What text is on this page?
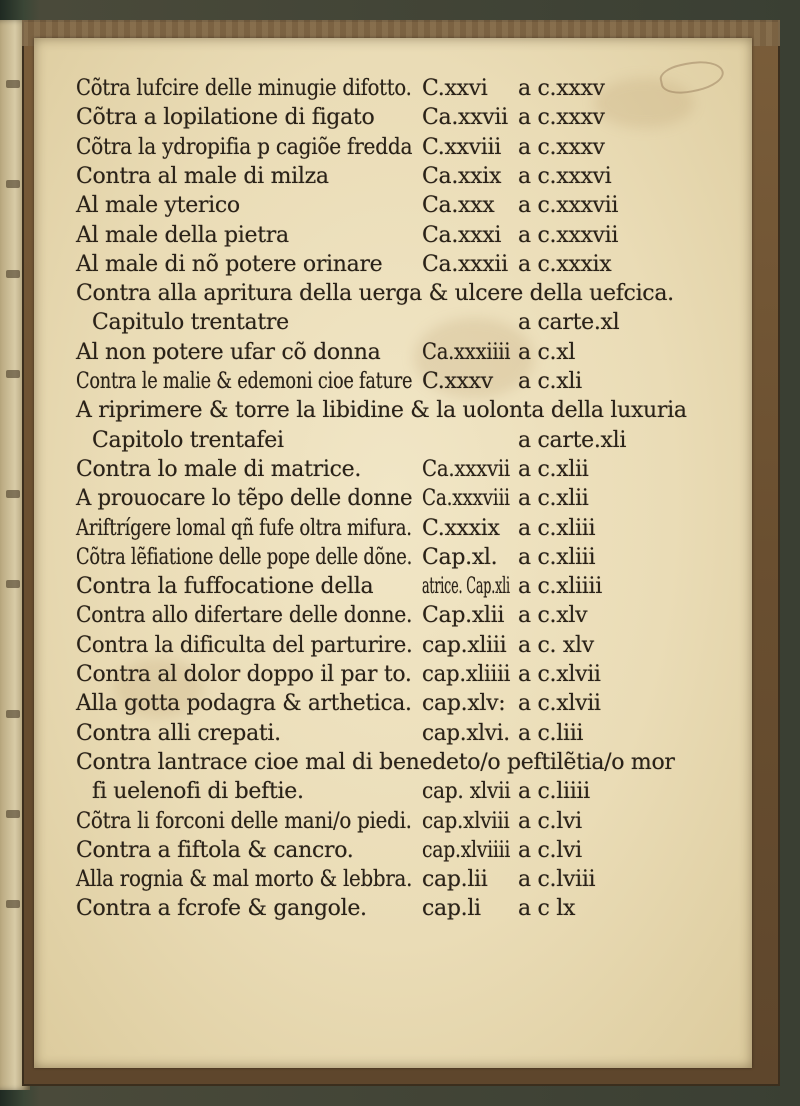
Cõtra lufcire delle minugie difotto. C.xxvi a c.xxxv
Cõtra a lopilatione di figato Ca.xxvii a c.xxxv
Cõtra la ydropifia p cagiõe fredda C.xxviii a c.xxxv
Contra al male di milza	Ca.xxix a c.xxxvi
Al male yterico	Ca.xxx a c.xxxvii
Al male della pietra	Ca.xxxi a c.xxxvii
Al male di nõ potere orinare Ca.xxxii a c.xxxix
Contra alla apritura della uerga & ulcere della uefcica.
Capitulo trentatre	a carte.xl
Al non potere ufar cõ donna Ca.xxxiiii a c.xl
Contra le malie & edemoni cioe fature C.xxxv a c.xli
A riprimere & torre la libidine & la uolonta della luxuria
Capitolo trentafei	a carte.xli
Contra lo male di matrice.	Ca.xxxvii a c.xlii
A prouocare lo tẽpo delle donne Ca.xxxviii a c.xlii
Ariftrígere lomal qñ fufe oltra mifura. C.xxxix a c.xliii
Cõtra lẽfiatione delle pope delle dõne. Cap.xl. a c.xliii
Contra la fuffocatione della atrice. Cap.xli a c.xliiii
Contra allo difertare delle donne. Cap.xlii a c.xlv
Contra la dificulta del parturire. cap.xliii a c. xlv
Contra al dolor doppo il par to. cap.xliiii a c.xlvii
Alla gotta podagra & arthetica. cap.xlv: a c.xlvii
Contra alli crepati.	cap.xlvi. a c.liii
Contra lantrace cioe mal di benedeto/o peftilẽtia/o mor
fi uelenofi di beftie.	cap. xlvii a c.liiii
Cõtra li forconi delle mani/o piedi. cap.xlviii a c.lvi
Contra a fiftola & cancro.	cap.xlviiii a c.lvi
Alla rognia & mal morto & lebbra. cap.lii a c.lviii
Contra a fcrofe & gangole.	cap.li a c lx
